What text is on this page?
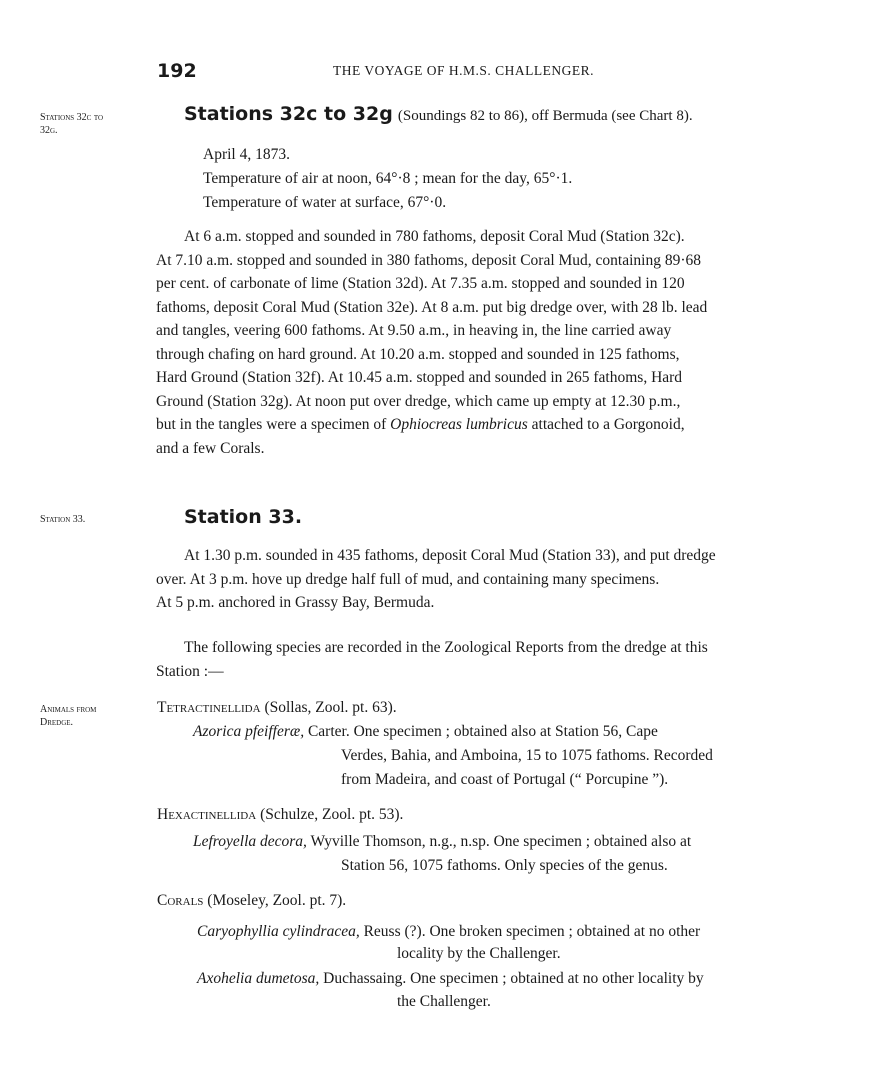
192	THE VOYAGE OF H.M.S. CHALLENGER.
Stations 32c to
32g.
Stations 32c to 32g (Soundings 82 to 86), off Bermuda (see Chart 8).
April 4, 1873.
Temperature of air at noon, 64°·8 ; mean for the day, 65°·1.
Temperature of water at surface, 67°·0.
At 6 a.m. stopped and sounded in 780 fathoms, deposit Coral Mud (Station 32c).
At 7.10 a.m. stopped and sounded in 380 fathoms, deposit Coral Mud, containing 89·68
per cent. of carbonate of lime (Station 32d). At 7.35 a.m. stopped and sounded in 120
fathoms, deposit Coral Mud (Station 32e). At 8 a.m. put big dredge over, with 28 lb. lead
and tangles, veering 600 fathoms. At 9.50 a.m., in heaving in, the line carried away
through chafing on hard ground. At 10.20 a.m. stopped and sounded in 125 fathoms,
Hard Ground (Station 32f). At 10.45 a.m. stopped and sounded in 265 fathoms, Hard
Ground (Station 32g). At noon put over dredge, which came up empty at 12.30 p.m.,
but in the tangles were a specimen of Ophiocreas lumbricus attached to a Gorgonoid,
and a few Corals.
Station 33.	Station 33.
At 1.30 p.m. sounded in 435 fathoms, deposit Coral Mud (Station 33), and put dredge
over. At 3 p.m. hove up dredge half full of mud, and containing many specimens.
At 5 p.m. anchored in Grassy Bay, Bermuda.
The following species are recorded in the Zoological Reports from the dredge at this
Station :—
Animals from
Dredge.
Tetractinellida (Sollas, Zool. pt. 63).
Azorica pfeifferæ, Carter. One specimen ; obtained also at Station 56, Cape
Verdes, Bahia, and Amboina, 15 to 1075 fathoms. Recorded
from Madeira, and coast of Portugal (“ Porcupine ”).
Hexactinellida (Schulze, Zool. pt. 53).
Lefroyella decora, Wyville Thomson, n.g., n.sp. One specimen ; obtained also at
Station 56, 1075 fathoms. Only species of the genus.
Corals (Moseley, Zool. pt. 7).
Caryophyllia cylindracea, Reuss (?). One broken specimen ; obtained at no other
locality by the Challenger.
Axohelia dumetosa, Duchassaing. One specimen ; obtained at no other locality by
the Challenger.
